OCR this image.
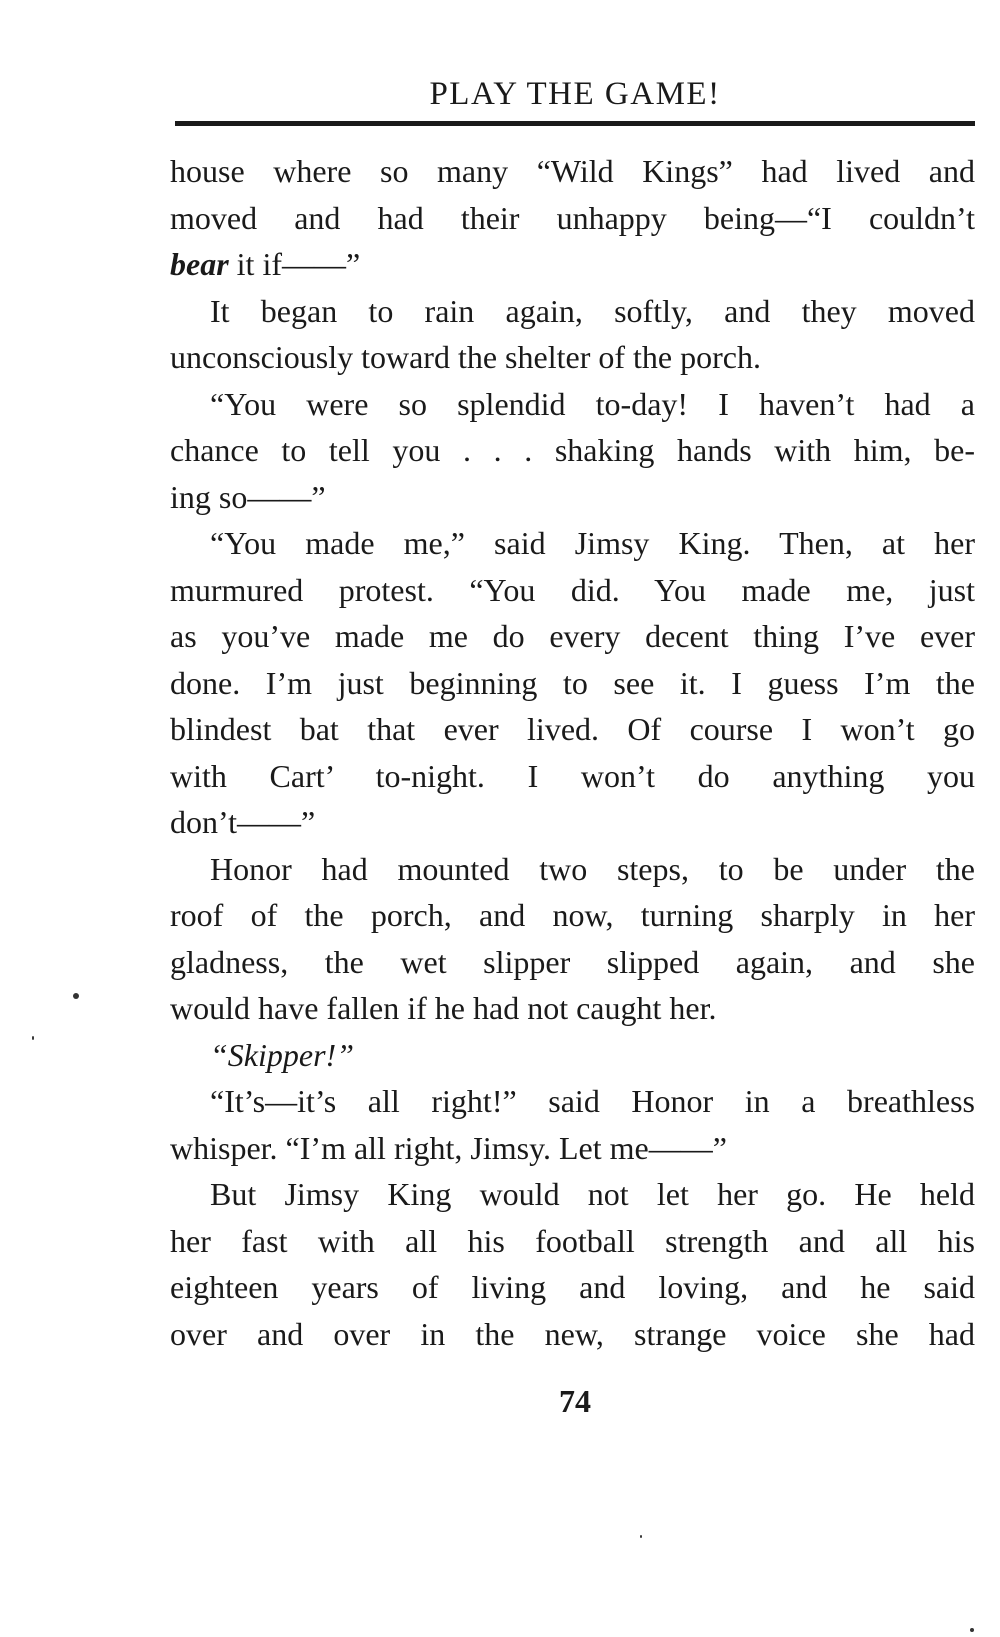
PLAY THE GAME!
house where so many “Wild Kings” had lived and
moved and had their unhappy being—“I couldn’t
bear it if——”
It began to rain again, softly, and they moved
unconsciously toward the shelter of the porch.
“You were so splendid to-day! I haven’t had a
chance to tell you . . . shaking hands with him, be-
ing so——”
“You made me,” said Jimsy King. Then, at her
murmured protest. “You did. You made me, just
as you’ve made me do every decent thing I’ve ever
done. I’m just beginning to see it. I guess I’m the
blindest bat that ever lived. Of course I won’t go
with Cart’ to-night. I won’t do anything you
don’t——”
Honor had mounted two steps, to be under the
roof of the porch, and now, turning sharply in her
gladness, the wet slipper slipped again, and she
would have fallen if he had not caught her.
“Skipper!”
“It’s—it’s all right!” said Honor in a breathless
whisper. “I’m all right, Jimsy. Let me——”
But Jimsy King would not let her go. He held
her fast with all his football strength and all his
eighteen years of living and loving, and he said
over and over in the new, strange voice she had
74
